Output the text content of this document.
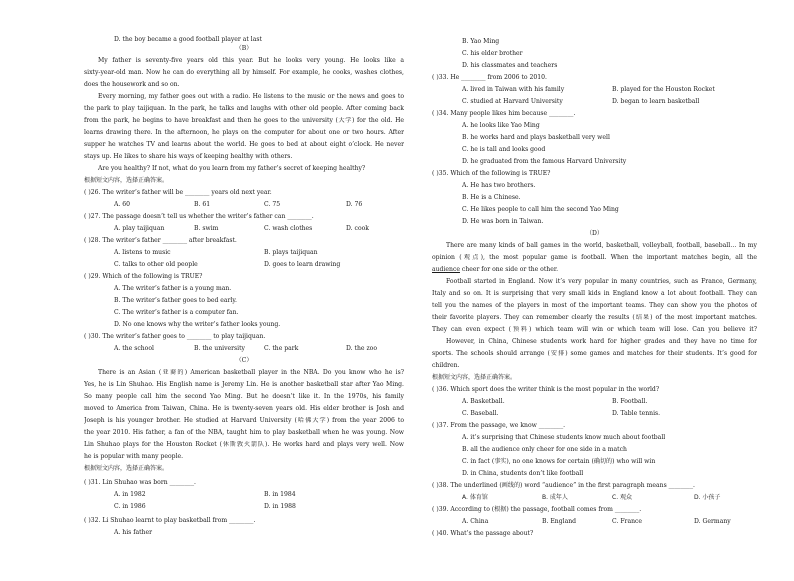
D. the boy became a good football player at last
（B）
My father is seventy-five years old this year. But he looks very young. He looks like a
sixty-year-old man. Now he can do everything all by himself. For example, he cooks, washes clothes,
does the housework and so on.
Every morning, my father goes out with a radio. He listens to the music or the news and goes to
the park to play taijiquan. In the park, he talks and laughs with other old people. After coming back
from the park, he begins to have breakfast and then he goes to the university (大学) for the old. He
learns drawing there. In the afternoon, he plays on the computer for about one or two hours. After
supper he watches TV and learns about the world. He goes to bed at about eight o’clock. He never
stays up. He likes to share his ways of keeping healthy with others.
Are you healthy? If not, what do you learn from my father’s secret of keeping healthy?
根据短文内容，选择正确答案。
( )26. The writer’s father will be ________ years old next year.
A. 60	B. 61	C. 75	D. 76
( )27. The passage doesn’t tell us whether the writer’s father can ________.
A. play taijiquan	B. swim	C. wash clothes	D. cook
( )28. The writer’s father ________ after breakfast.
A. listens to music	B. plays taijiquan
C. talks to other old people	D. goes to learn drawing
( )29. Which of the following is TRUE?
A. The writer’s father is a young man.
B. The writer’s father goes to bed early.
C. The writer’s father is a computer fan.
D. No one knows why the writer’s father looks young.
( )30. The writer’s father goes to ________ to play taijiquan.
A. the school	B. the university	C. the park	D. the zoo
（C）
There is an Asian (亚裔的) American basketball player in the NBA. Do you know who he is?
Yes, he is Lin Shuhao. His English name is Jeremy Lin. He is another basketball star after Yao Ming.
So many people call him the second Yao Ming. But he doesn’t like it. In the 1970s, his family
moved to America from Taiwan, China. He is twenty-seven years old. His elder brother is Josh and
Joseph is his younger brother. He studied at Harvard University (哈佛大学) from the year 2006 to
the year 2010. His father, a fan of the NBA, taught him to play basketball when he was young. Now
Lin Shuhao plays for the Houston Rocket (休斯敦火箭队). He works hard and plays very well. Now
he is popular with many people.
根据短文内容，选择正确答案。
( )31. Lin Shuhao was born ________.
A. in 1982	B. in 1984
C. in 1986	D. in 1988
( )32. Li Shuhao learnt to play basketball from ________.
A. his father
B. Yao Ming
C. his elder brother
D. his classmates and teachers
( )33. He ________ from 2006 to 2010.
A. lived in Taiwan with his family	B. played for the Houston Rocket
C. studied at Harvard University	D. began to learn basketball
( )34. Many people likes him because ________.
A. he looks like Yao Ming
B. he works hard and plays basketball very well
C. he is tall and looks good
D. he graduated from the famous Harvard University
( )35. Which of the following is TRUE?
A. He has two brothers.
B. He is a Chinese.
C. He likes people to call him the second Yao Ming
D. He was born in Taiwan.
（D）
There are many kinds of ball games in the world, basketball, volleyball, football, baseball… In my
opinion (观点), the most popular game is football. When the important matches begin, all the
audience cheer for one side or the other.
Football started in England. Now it’s very popular in many countries, such as France, Germany,
Italy and so on. It is surprising that very small kids in England know a lot about football. They can
tell you the names of the players in most of the important teams. They can show you the photos of
their favorite players. They can remember clearly the results (结果) of the most important matches.
They can even expect (预料) which team will win or which team will lose. Can you believe it?
However, in China, Chinese students work hard for higher grades and they have no time for
sports. The schools should arrange (安排) some games and matches for their students. It’s good for
children.
根据短文内容，选择正确答案。
( )36. Which sport does the writer think is the most popular in the world?
A. Basketball.	B. Football.
C. Baseball.	D. Table tennis.
( )37. From the passage, we know ________.
A. it’s surprising that Chinese students know much about football
B. all the audience only cheer for one side in a match
C. in fact (事实), no one knows for certain (确切的) who will win
D. in China, students don’t like football
( )38. The underlined (画线的) word “audience” in the first paragraph means ________.
A. 体育馆	B. 成年人	C. 观众	D. 小孩子
( )39. According to (根据) the passage, football comes from ________.
A. China	B. England	C. France	D. Germany
( )40. What’s the passage about?
